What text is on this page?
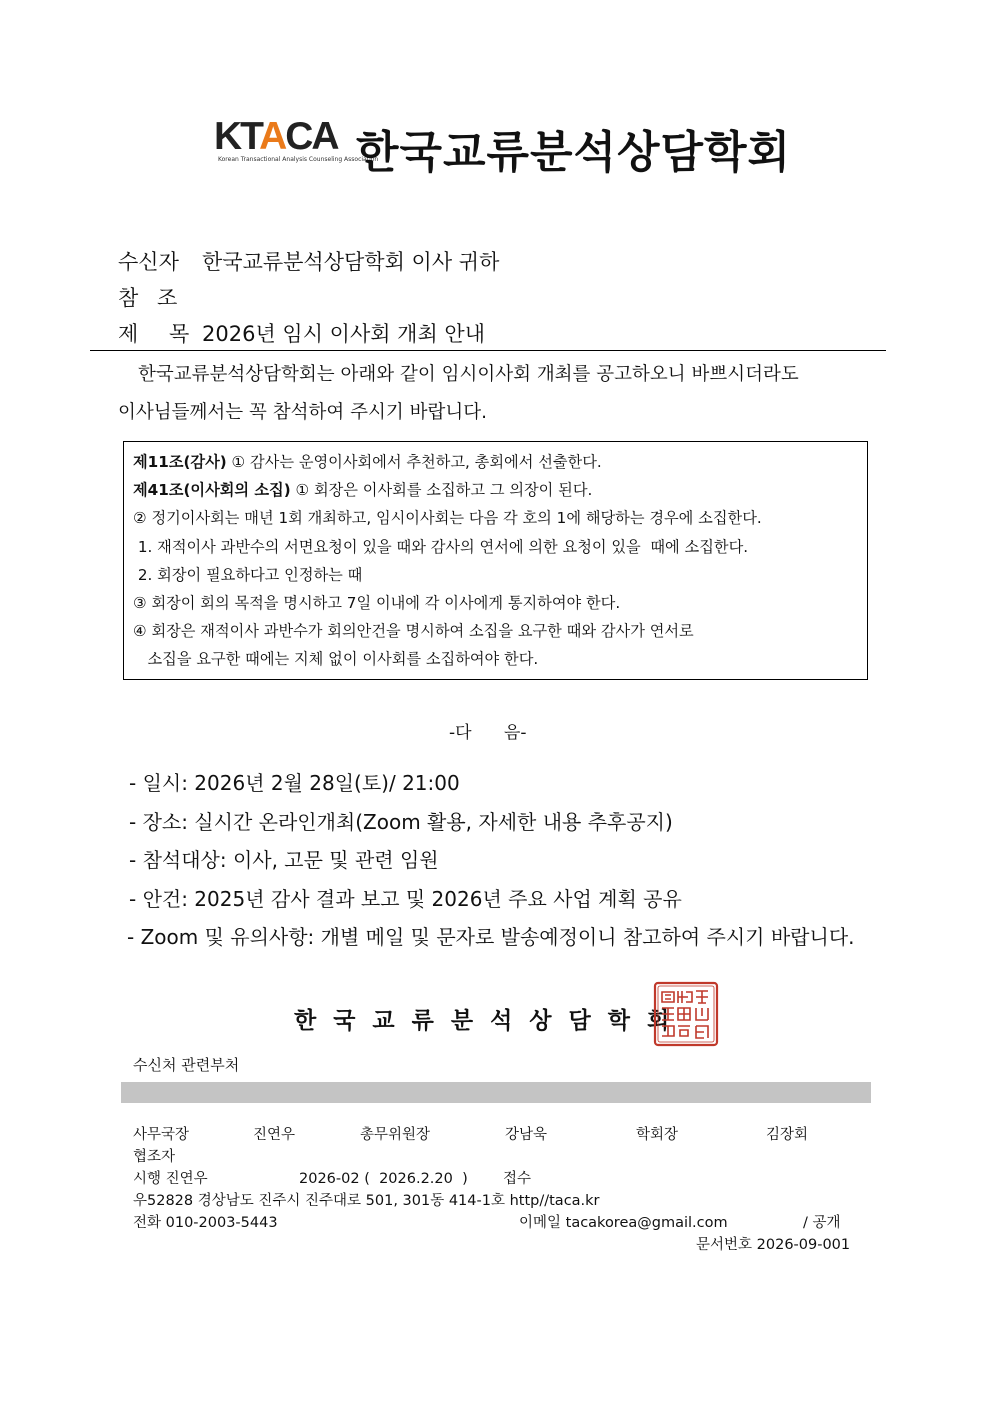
KTACA
Korean Transactional Analysis Counseling Association
한국교류분석상담학회
수신자 한국교류분석상담학회 이사 귀하
참 조
제 목 2026년 임시 이사회 개최 안내

한국교류분석상담학회는 아래와 같이 임시이사회 개최를 공고하오니 바쁘시더라도

이사님들께서는 꼭 참석하여 주시기 바랍니다.

제11조(감사) ① 감사는 운영이사회에서 추천하고, 총회에서 선출한다.
제41조(이사회의 소집) ① 회장은 이사회를 소집하고 그 의장이 된다.
② 정기이사회는 매년 1회 개최하고, 임시이사회는 다음 각 호의 1에 해당하는 경우에 소집한다.
1. 재적이사 과반수의 서면요청이 있을 때와 감사의 연서에 의한 요청이 있을  때에 소집한다.
2. 회장이 필요하다고 인정하는 때
③ 회장이 회의 목적을 명시하고 7일 이내에 각 이사에게 통지하여야 한다.
④ 회장은 재적이사 과반수가 회의안건을 명시하여 소집을 요구한 때와 감사가 연서로
소집을 요구한 때에는 지체 없이 이사회를 소집하여야 한다.
-다      음-
- 일시: 2026년 2월 28일(토)/ 21:00
- 장소: 실시간 온라인개최(Zoom 활용, 자세한 내용 추후공지)
- 참석대상: 이사, 고문 및 관련 임원
- 안건: 2025년 감사 결과 보고 및 2026년 주요 사업 계획 공유
- Zoom 및 유의사항: 개별 메일 및 문자로 발송예정이니 참고하여 주시기 바랍니다.
한국교류분석상담학회
수신처 관련부처
사무국장	진연우	총무위원장	강남욱	학회장	김장회
협조자
시행 진연우	2026-02 (  2026.2.20  ) 접수
우52828 경상남도 진주시 진주대로 501, 301동 414-1호 http//taca.kr
전화 010-2003-5443	이메일 tacakorea@gmail.com	/ 공개
문서번호 2026-09-001
